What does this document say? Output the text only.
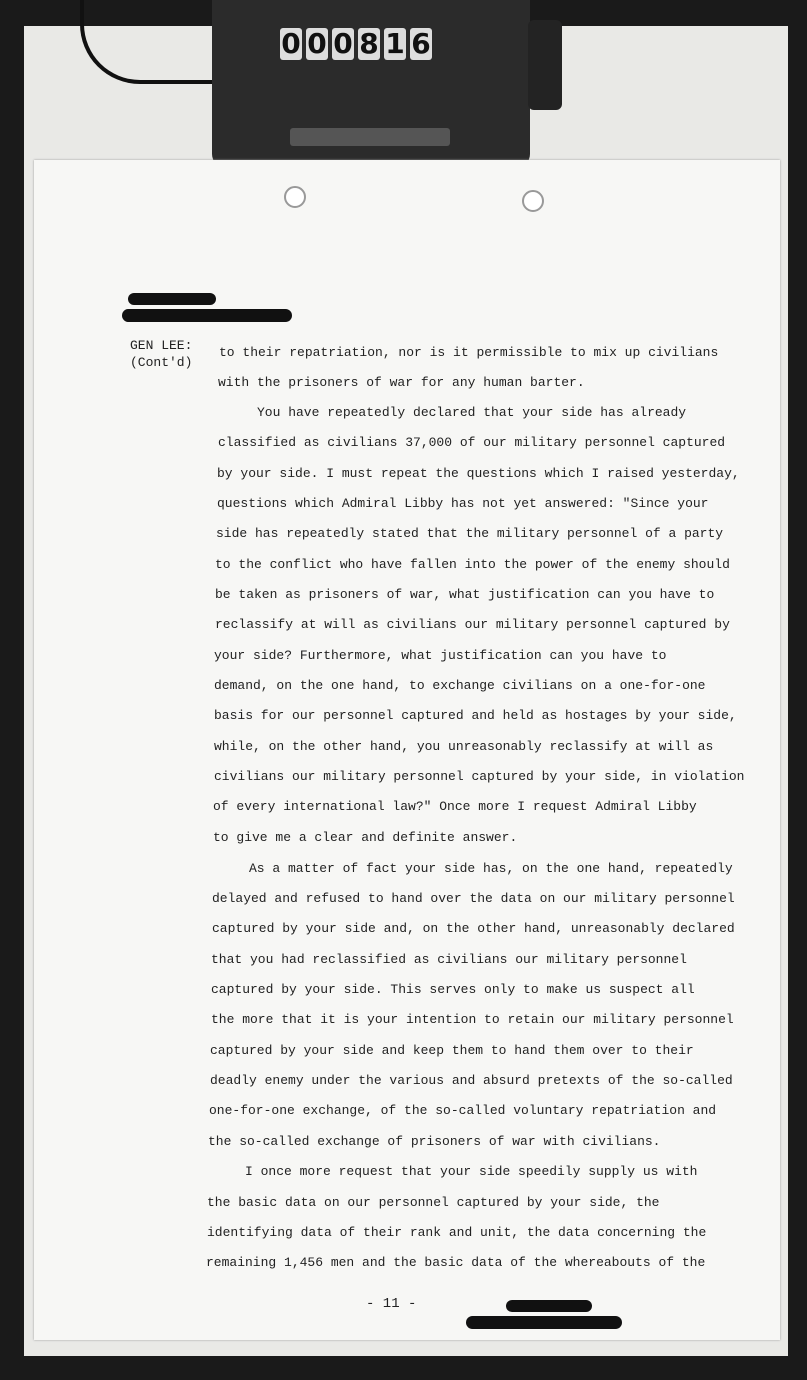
0 0 0 8 1 6
GEN LEE:
(Cont'd)
to their repatriation, nor is it permissible to mix up civilians
with the prisoners of war for any human barter.
You have repeatedly declared that your side has already
classified as civilians 37,000 of our military personnel captured
by your side. I must repeat the questions which I raised yesterday,
questions which Admiral Libby has not yet answered: "Since your
side has repeatedly stated that the military personnel of a party
to the conflict who have fallen into the power of the enemy should
be taken as prisoners of war, what justification can you have to
reclassify at will as civilians our military personnel captured by
your side? Furthermore, what justification can you have to
demand, on the one hand, to exchange civilians on a one-for-one
basis for our personnel captured and held as hostages by your side,
while, on the other hand, you unreasonably reclassify at will as
civilians our military personnel captured by your side, in violation
of every international law?" Once more I request Admiral Libby
to give me a clear and definite answer.
As a matter of fact your side has, on the one hand, repeatedly
delayed and refused to hand over the data on our military personnel
captured by your side and, on the other hand, unreasonably declared
that you had reclassified as civilians our military personnel
captured by your side. This serves only to make us suspect all
the more that it is your intention to retain our military personnel
captured by your side and keep them to hand them over to their
deadly enemy under the various and absurd pretexts of the so-called
one-for-one exchange, of the so-called voluntary repatriation and
the so-called exchange of prisoners of war with civilians.
I once more request that your side speedily supply us with
the basic data on our personnel captured by your side, the
identifying data of their rank and unit, the data concerning the
remaining 1,456 men and the basic data of the whereabouts of the
- 11 -
